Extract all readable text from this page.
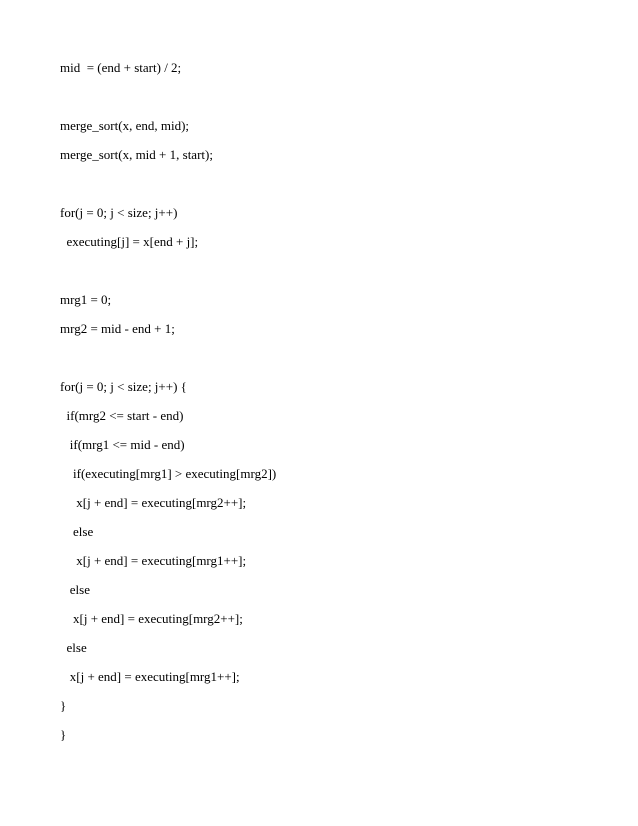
mid  = (end + start) / 2;
merge_sort(x, end, mid);
merge_sort(x, mid + 1, start);
for(j = 0; j < size; j++)
executing[j] = x[end + j];
mrg1 = 0;
mrg2 = mid - end + 1;
for(j = 0; j < size; j++) {
if(mrg2 <= start - end)
if(mrg1 <= mid - end)
if(executing[mrg1] > executing[mrg2])
x[j + end] = executing[mrg2++];
else
x[j + end] = executing[mrg1++];
else
x[j + end] = executing[mrg2++];
else
x[j + end] = executing[mrg1++];
}
}
